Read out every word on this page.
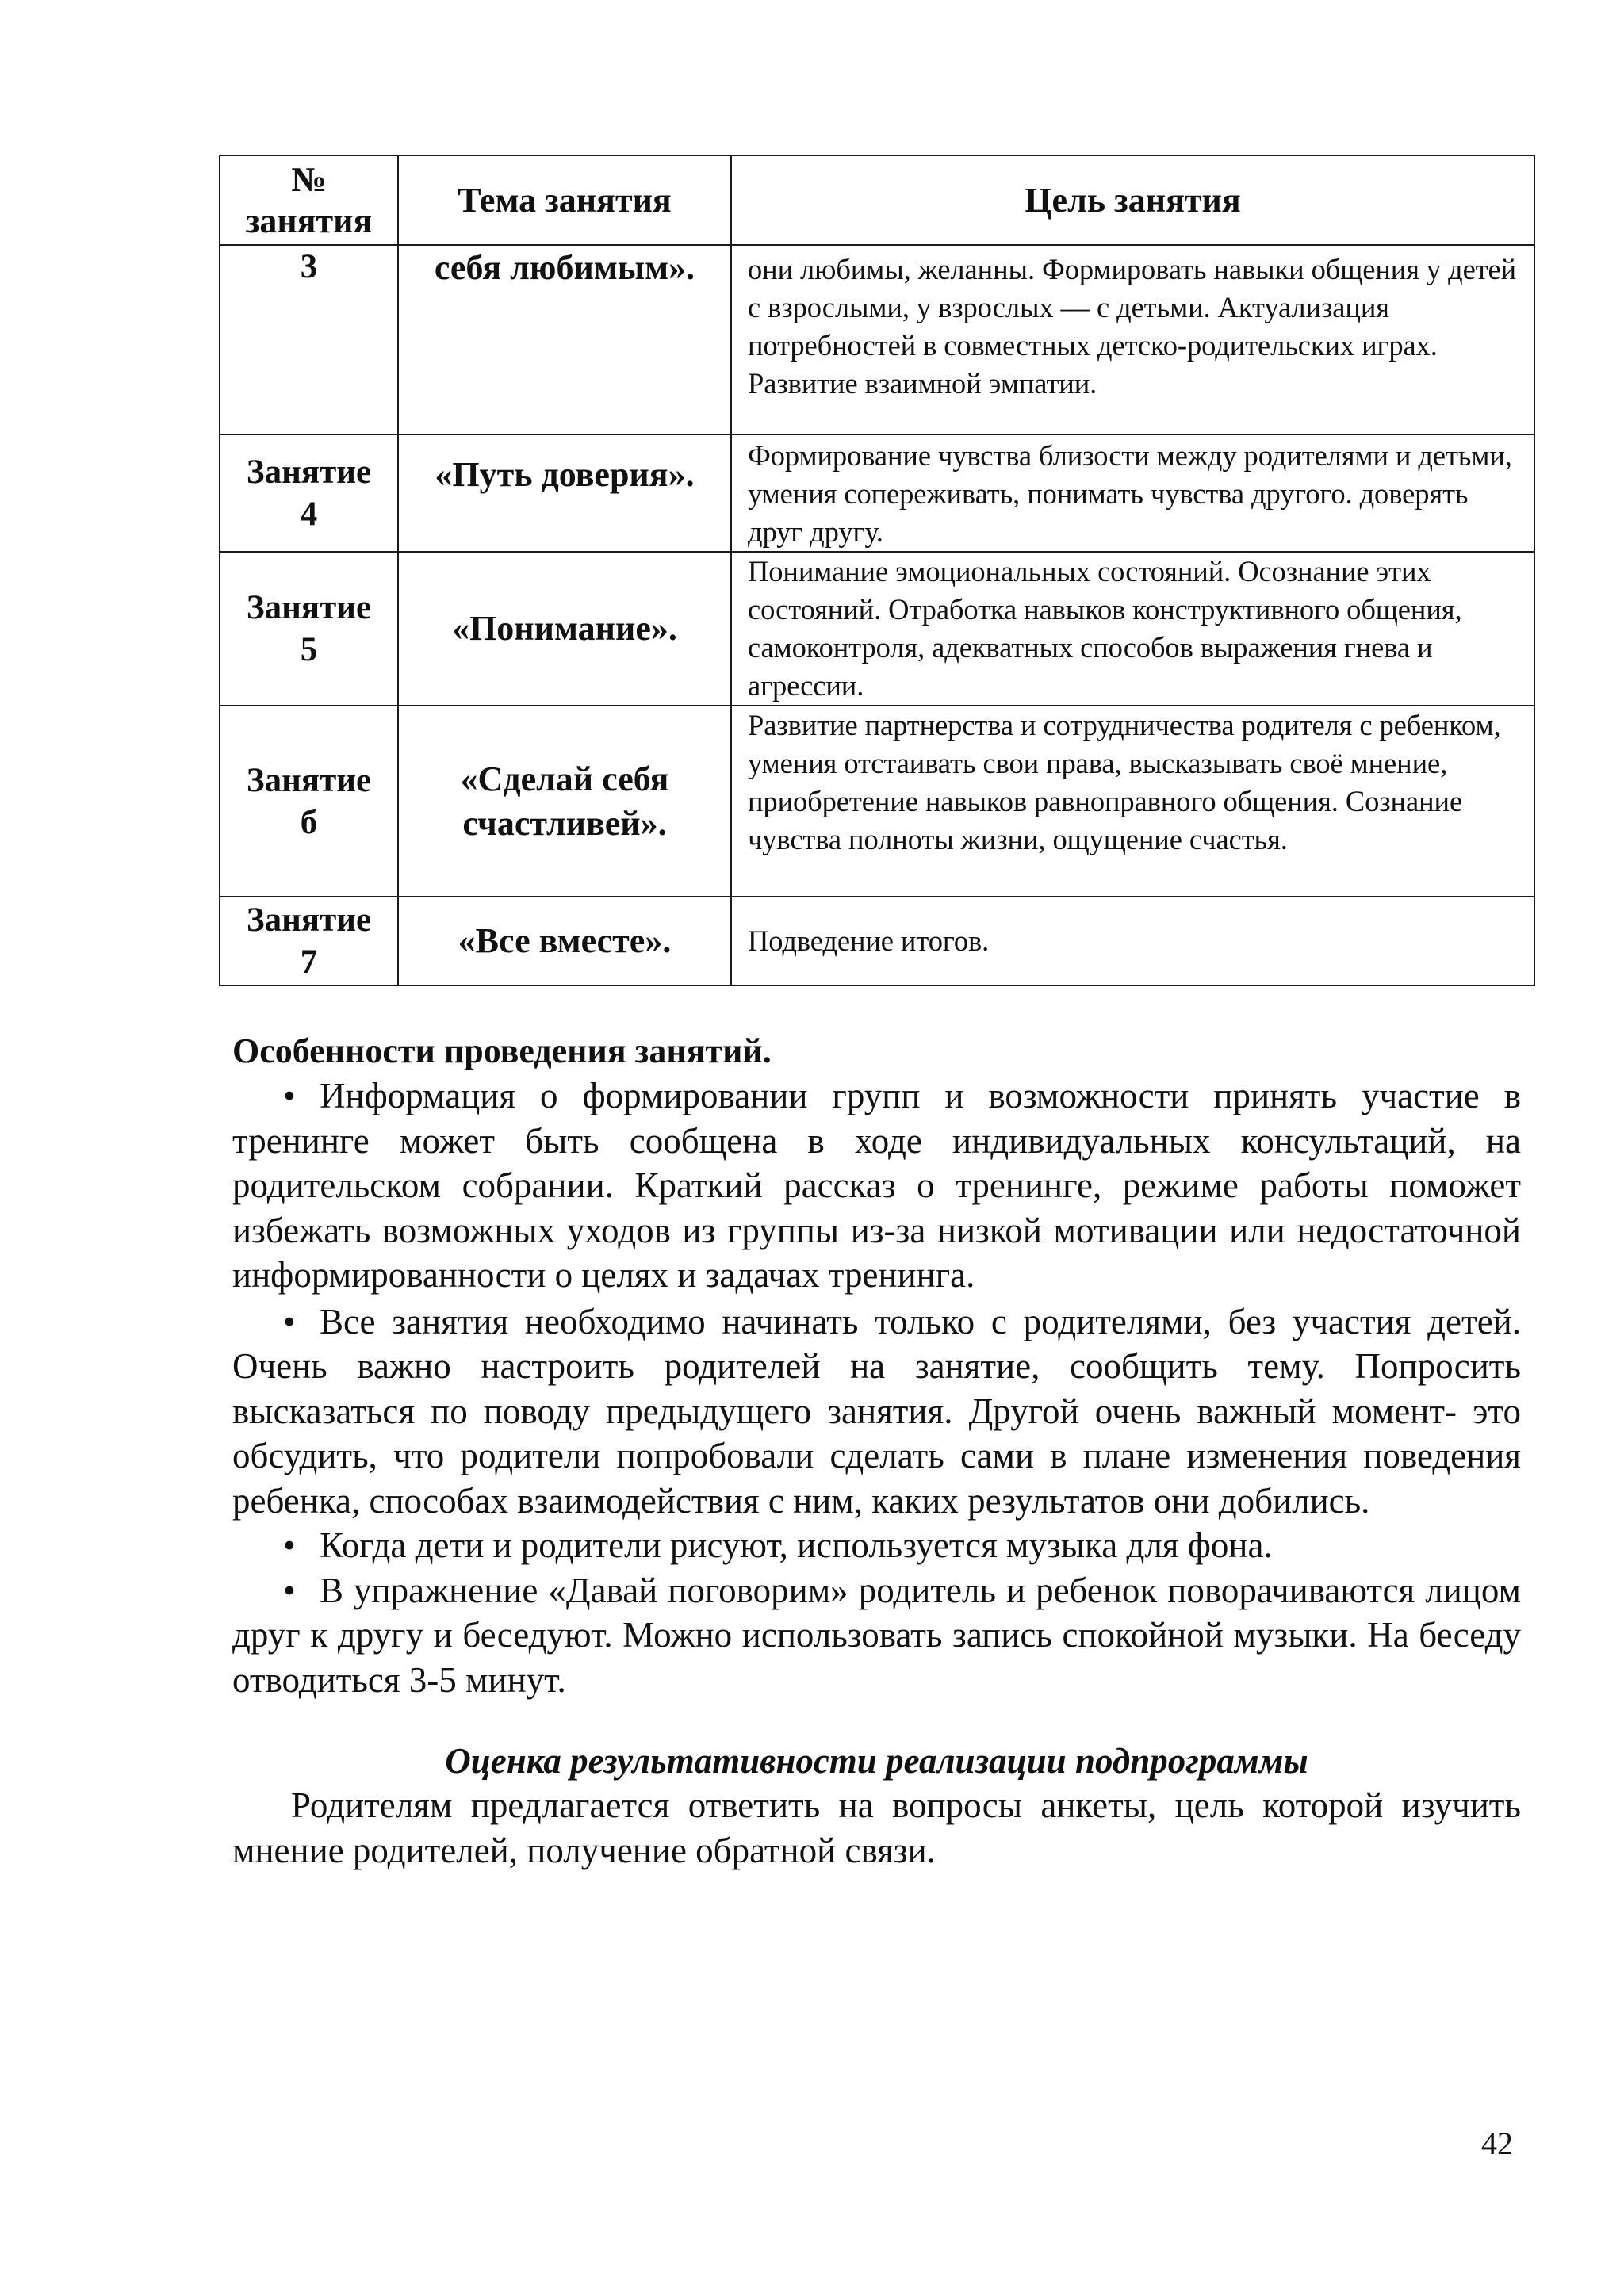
№
занятия	Тема занятия	Цель занятия
3	себя любимым».	они любимы, желанны. Формировать навыки общения у детей с взрослыми, у взрослых — с детьми. Актуализация потребностей в совместных детско-родительских играх. Развитие взаимной эмпатии.
Занятие
4	«Путь доверия».	Формирование чувства близости между родителями и детьми, умения сопереживать, понимать чувства другого. доверять друг другу.
Занятие
5	«Понимание».	Понимание эмоциональных состояний. Осознание этих состояний. Отработка навыков конструктивного общения, самоконтроля, адекватных способов выражения гнева и агрессии.
Занятие
б	«Сделай себя счастливей».	Развитие партнерства и сотрудничества родителя с ребенком, умения отстаивать свои права, высказывать своё мнение, приобретение навыков равноправного общения. Сознание чувства полноты жизни, ощущение счастья.
Занятие
7	«Все вместе».	Подведение итогов.
Особенности проведения занятий.

• Информация о формировании групп и возможности принять участие в тренинге может быть сообщена в ходе индивидуальных консультаций, на родительском собрании. Краткий рассказ о тренинге, режиме работы поможет избежать возможных уходов из группы из-за низкой мотивации или недостаточной информированности о целях и задачах тренинга.

• Все занятия необходимо начинать только с родителями, без участия детей. Очень важно настроить родителей на занятие, сообщить тему. Попросить высказаться по поводу предыдущего занятия. Другой очень важный момент- это обсудить, что родители попробовали сделать сами в плане изменения поведения ребенка, способах взаимодействия с ним, каких результатов они добились.

• Когда дети и родители рисуют, используется музыка для фона.

• В упражнение «Давай поговорим» родитель и ребенок поворачиваются лицом друг к другу и беседуют. Можно использовать запись спокойной музыки. На беседу отводиться 3-5 минут.

Оценка результативности реализации подпрограммы

Родителям предлагается ответить на вопросы анкеты, цель которой изучить мнение родителей, получение обратной связи.

42
